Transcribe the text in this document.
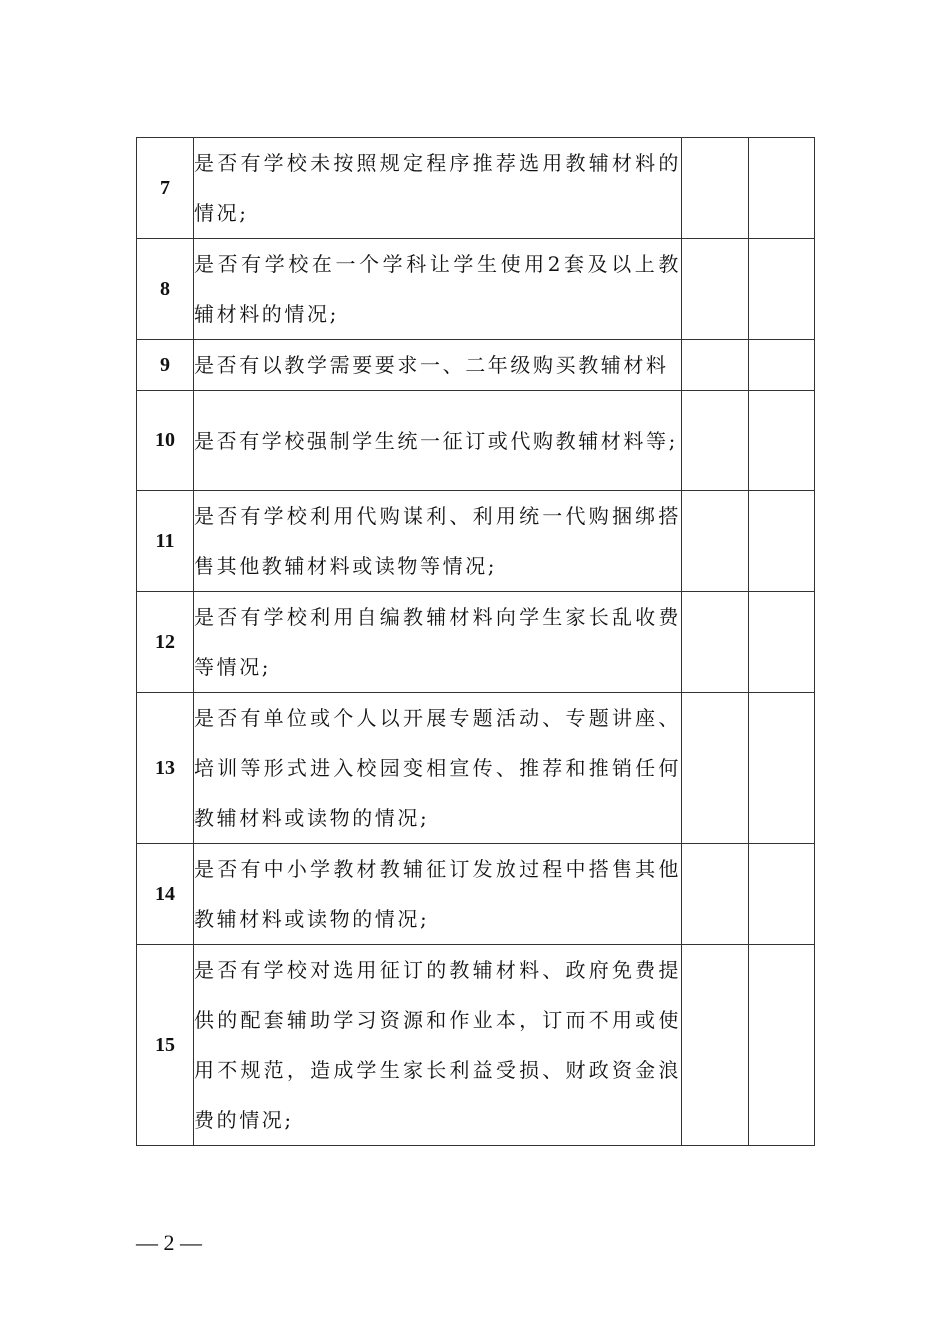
7	是否有学校未按照规定程序推荐选用教辅材料的情况;		
8	是否有学校在一个学科让学生使用2套及以上教辅材料的情况;		
9	是否有以教学需要要求一、二年级购买教辅材料		
10	是否有学校强制学生统一征订或代购教辅材料等;		
11	是否有学校利用代购谋利、利用统一代购捆绑搭售其他教辅材料或读物等情况;		
12	是否有学校利用自编教辅材料向学生家长乱收费等情况;		
13	是否有单位或个人以开展专题活动、专题讲座、培训等形式进入校园变相宣传、推荐和推销任何教辅材料或读物的情况;		
14	是否有中小学教材教辅征订发放过程中搭售其他教辅材料或读物的情况;		
15	是否有学校对选用征订的教辅材料、政府免费提供的配套辅助学习资源和作业本，订而不用或使用不规范，造成学生家长利益受损、财政资金浪费的情况;		
— 2 —
